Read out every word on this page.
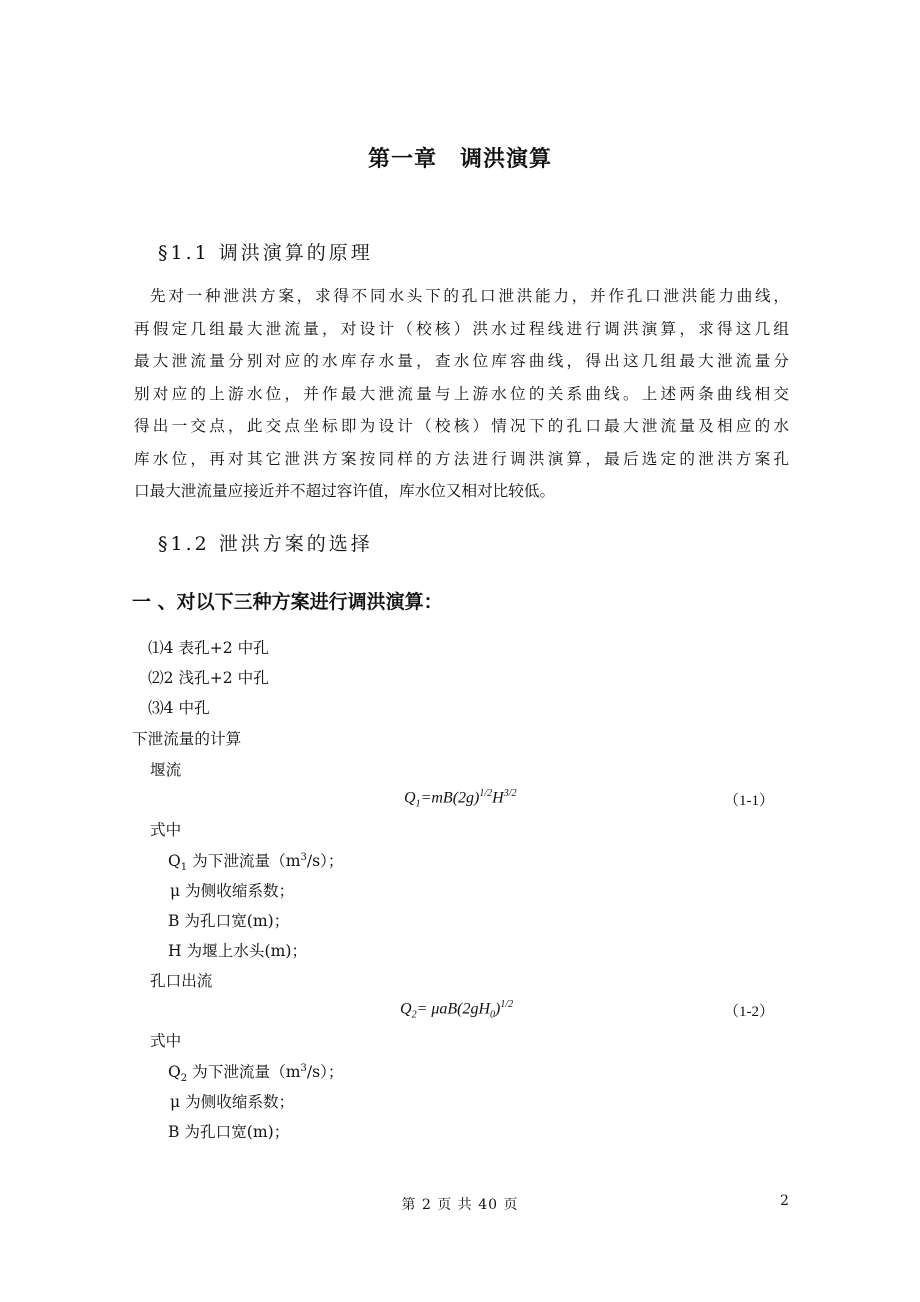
第一章　调洪演算
§1.1 调洪演算的原理
先对一种泄洪方案，求得不同水头下的孔口泄洪能力，并作孔口泄洪能力曲线，
再假定几组最大泄流量，对设计（校核）洪水过程线进行调洪演算，求得这几组
最大泄流量分别对应的水库存水量，查水位库容曲线，得出这几组最大泄流量分
别对应的上游水位，并作最大泄流量与上游水位的关系曲线。上述两条曲线相交
得出一交点，此交点坐标即为设计（校核）情况下的孔口最大泄流量及相应的水
库水位，再对其它泄洪方案按同样的方法进行调洪演算，最后选定的泄洪方案孔
口最大泄流量应接近并不超过容许值，库水位又相对比较低。
§1.2 泄洪方案的选择
一 、对以下三种方案进行调洪演算：
⑴4 表孔+2 中孔
⑵2 浅孔+2 中孔
⑶4 中孔
下泄流量的计算
堰流
$Q_1=mB(2g)^{1/2}H^{3/2}$	（1-1）
式中
$Q_1$ 为下泄流量$(m^3/s)$；
μ 为侧收缩系数；
B 为孔口宽(m)；
H 为堰上水头(m)；
孔口出流
$Q_2= \mu aB(2gH_0)^{1/2}$	（1-2）
式中
$Q_2$ 为下泄流量$(m^3/s)$；
μ 为侧收缩系数；
B 为孔口宽(m)；
第 2 页 共 40 页	2
